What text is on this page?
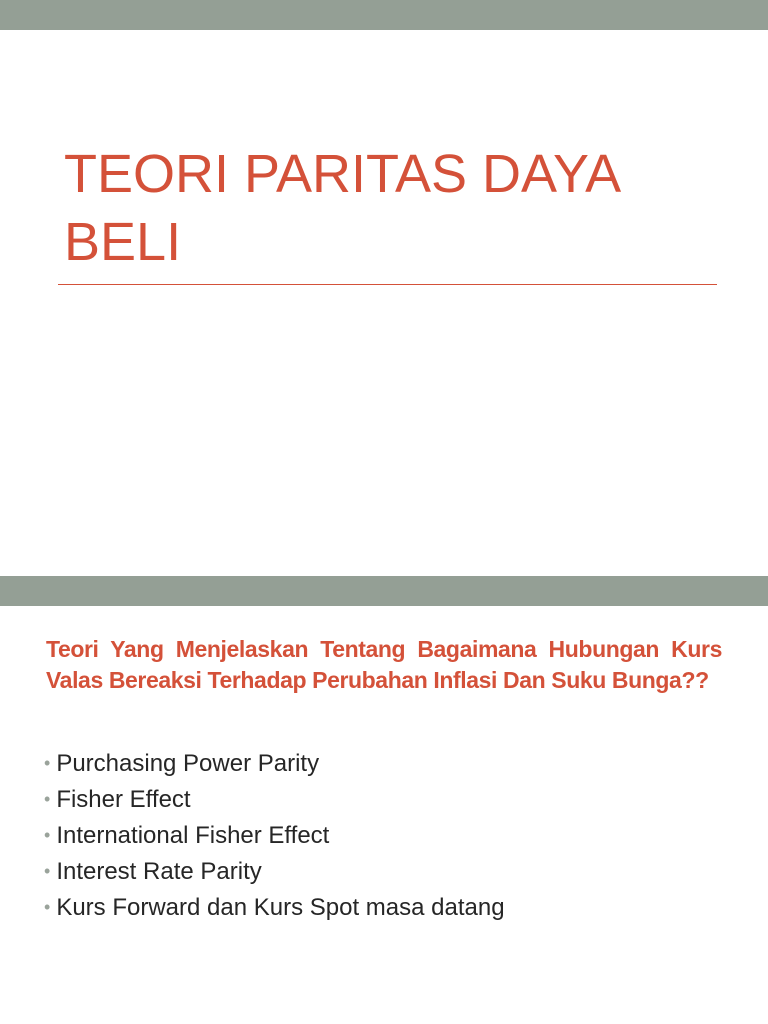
TEORI PARITAS DAYA BELI

Teori Yang Menjelaskan Tentang Bagaimana Hubungan Kurs Valas Bereaksi Terhadap Perubahan Inflasi Dan Suku Bunga??

• Purchasing Power Parity
• Fisher Effect
• International Fisher Effect
• Interest Rate Parity
• Kurs Forward dan Kurs Spot masa datang
